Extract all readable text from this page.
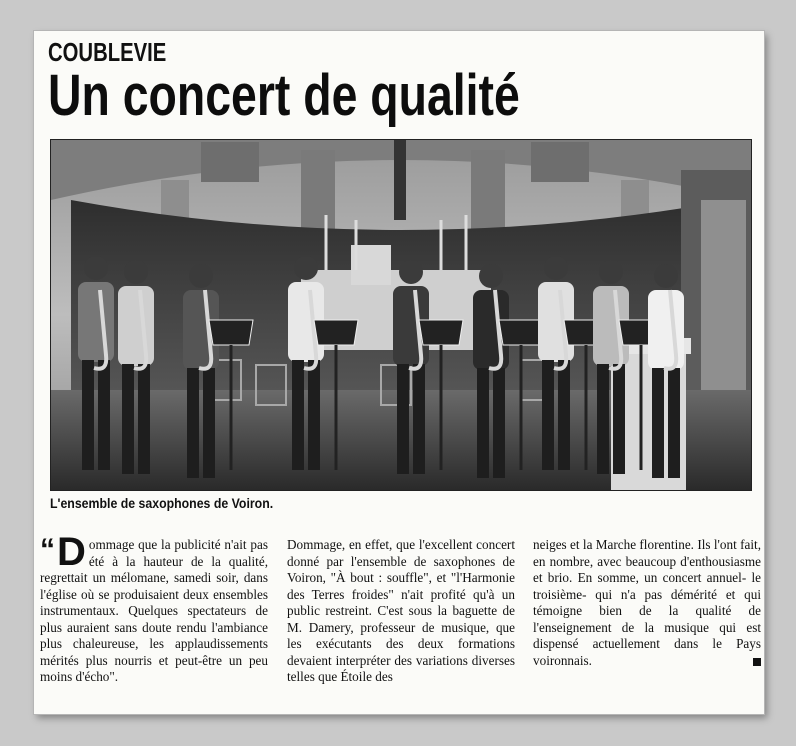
COUBLEVIE
Un concert de qualité
L'ensemble de saxophones de Voiron.
“ D ommage que la publicité n'ait pas été à la hauteur de la qualité, regrettait un mélomane, samedi soir, dans l'église où se produisaient deux ensembles instrumentaux. Quelques spectateurs de plus auraient sans doute rendu l'ambiance plus chaleureuse, les applaudissements mérités plus nourris et peut-être un peu moins d'écho".

Dommage, en effet, que l'excellent concert donné par l'ensemble de saxophones de Voiron, "À bout : souffle", et "l'Harmonie des Terres froides" n'ait profité qu'à un public restreint. C'est sous la baguette de M. Damery, professeur de musique, que les exécutants des deux formations devaient interpréter des variations diverses telles que Étoile des

neiges et la Marche florentine. Ils l'ont fait, en nombre, avec beaucoup d'enthousiasme et brio. En somme, un concert annuel- le troisième- qui n'a pas démérité et qui témoigne bien de la qualité de l'enseignement de la musique qui est dispensé actuellement dans le Pays voironnais.
